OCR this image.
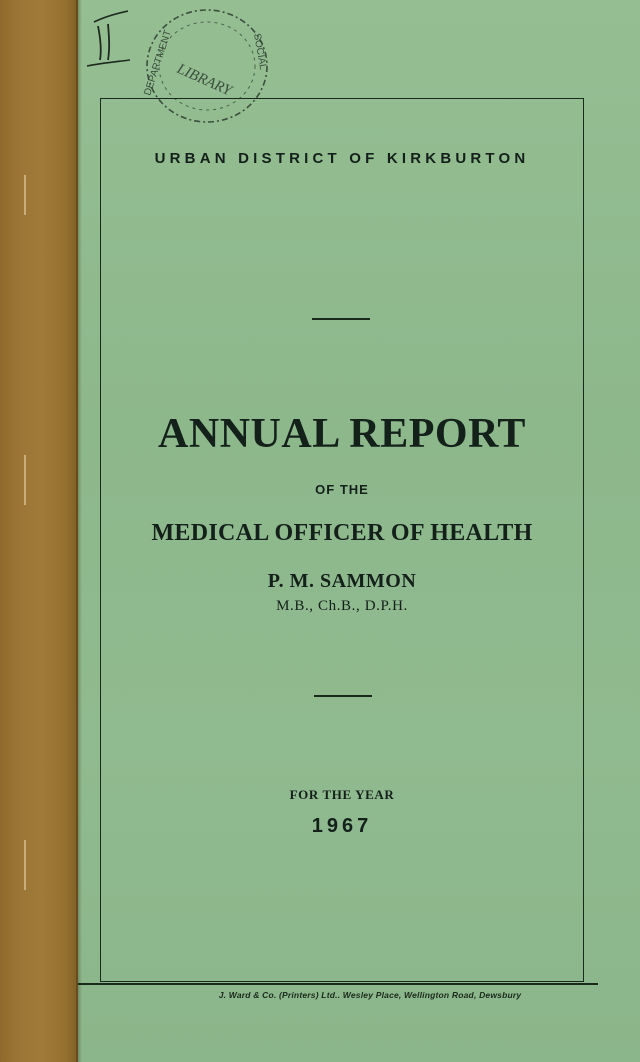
DEPARTMENT	SOCIAL
LIBRARY
URBAN DISTRICT OF KIRKBURTON
ANNUAL REPORT
OF THE
MEDICAL OFFICER OF HEALTH
P. M. SAMMON
M.B., Ch.B., D.P.H.
FOR THE YEAR
1967
J. Ward & Co. (Printers) Ltd.. Wesley Place, Wellington Road, Dewsbury
